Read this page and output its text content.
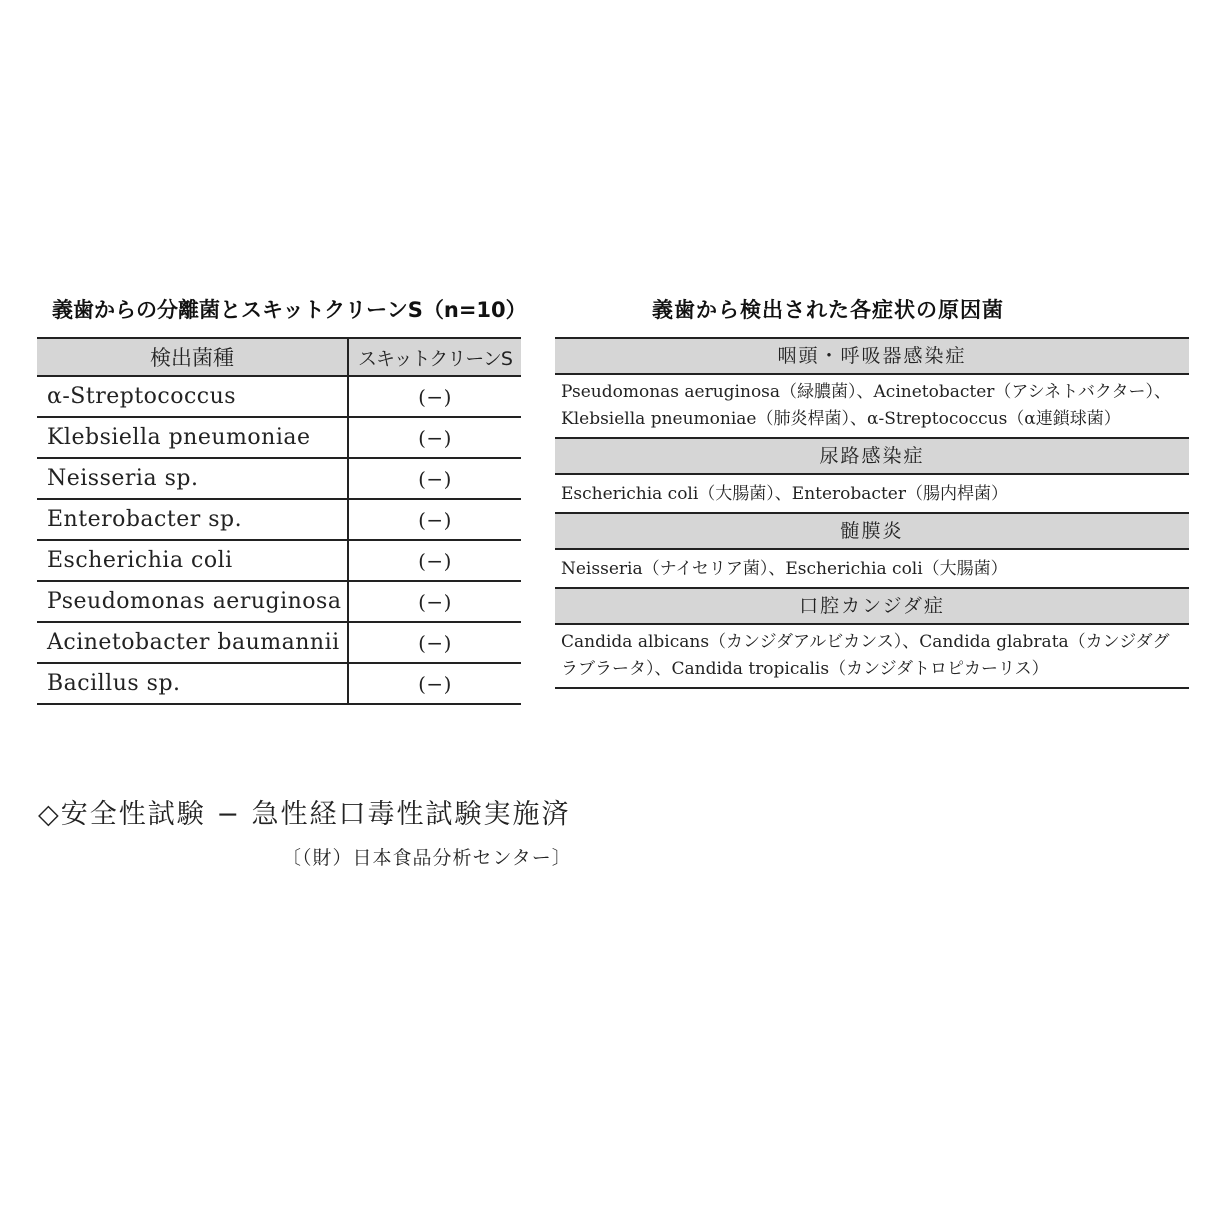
義歯からの分離菌とスキットクリーンS（n=10）
検出菌種	スキットクリーンS
α-Streptococcus	(−)
Klebsiella pneumoniae	(−)
Neisseria sp.	(−)
Enterobacter sp.	(−)
Escherichia coli	(−)
Pseudomonas aeruginosa	(−)
Acinetobacter baumannii	(−)
Bacillus sp.	(−)
義歯から検出された各症状の原因菌
咽頭・呼吸器感染症
Pseudomonas aeruginosa（緑膿菌）、Acinetobacter（アシネトバクター）、Klebsiella pneumoniae（肺炎桿菌）、α-Streptococcus（α連鎖球菌）
尿路感染症
Escherichia coli（大腸菌）、Enterobacter（腸内桿菌）
髄膜炎
Neisseria（ナイセリア菌）、Escherichia coli（大腸菌）
口腔カンジダ症
Candida albicans（カンジダアルビカンス）、Candida glabrata（カンジダグラブラータ）、Candida tropicalis（カンジダトロピカーリス）
◇安全性試験 − 急性経口毒性試験実施済
〔（財）日本食品分析センター〕
